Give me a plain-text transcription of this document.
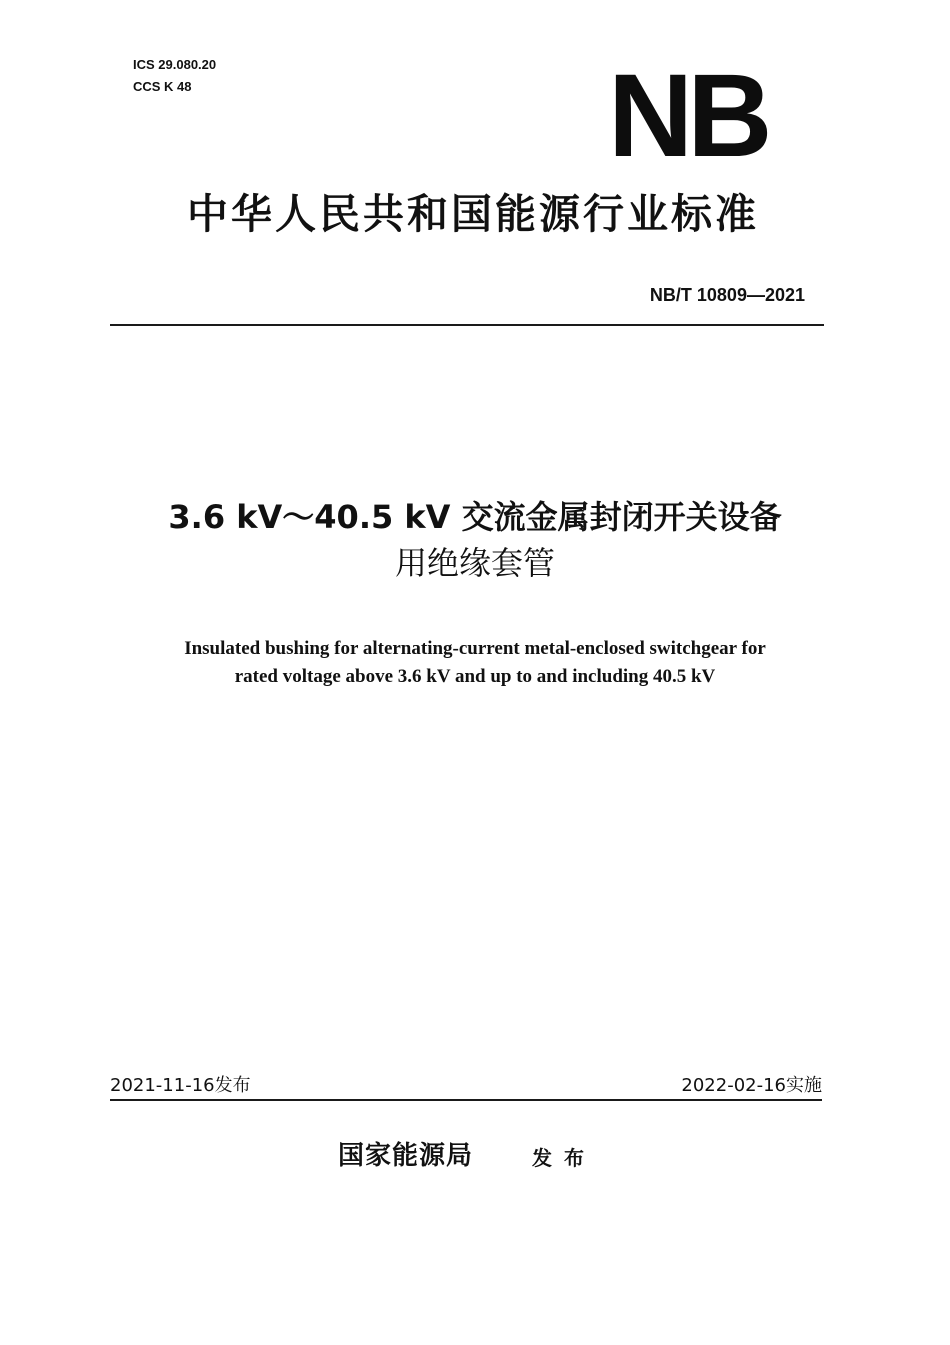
ICS 29.080.20
CCS K 48	NB
中华人民共和国能源行业标准
NB/T 10809—2021
3.6 kV～40.5 kV 交流金属封闭开关设备
用绝缘套管
Insulated bushing for alternating-current metal-enclosed switchgear for
rated voltage above 3.6 kV and up to and including 40.5 kV
2021-11-16发布	2022-02-16实施
国家能源局	发布
